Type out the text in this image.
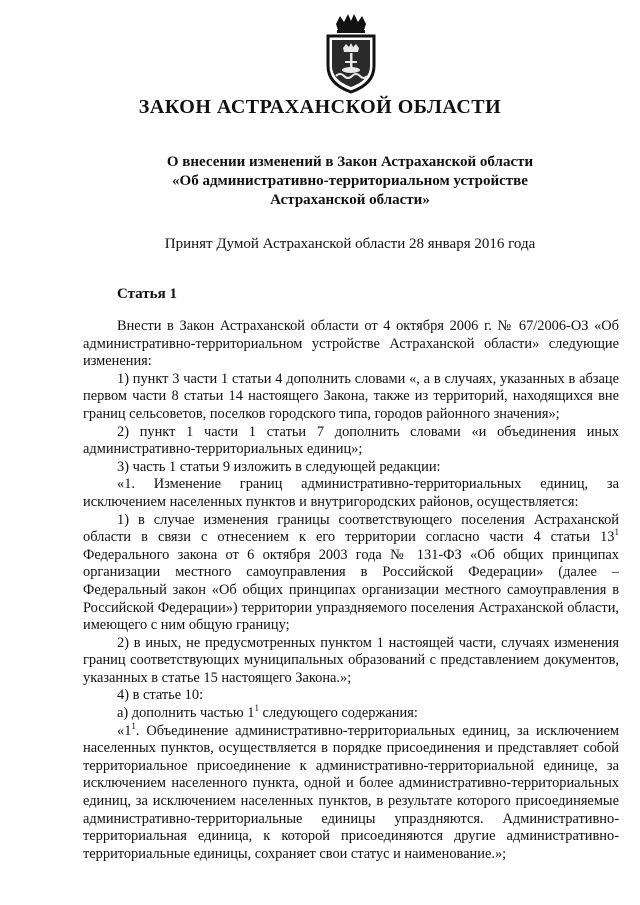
ЗАКОН АСТРАХАНСКОЙ ОБЛАСТИ
О внесении изменений в Закон Астраханской области
«Об административно-территориальном устройстве
Астраханской области»
Принят Думой Астраханской области 28 января 2016 года
Статья 1

Внести в Закон Астраханской области от 4 октября 2006 г. № 67/2006-ОЗ «Об административно-территориальном устройстве Астраханской области» следующие изменения:

1) пункт 3 части 1 статьи 4 дополнить словами «, а в случаях, указанных в абзаце первом части 8 статьи 14 настоящего Закона, также из территорий, находящихся вне границ сельсоветов, поселков городского типа, городов районного значения»;

2) пункт 1 части 1 статьи 7 дополнить словами «и объединения иных административно-территориальных единиц»;

3) часть 1 статьи 9 изложить в следующей редакции:

«1. Изменение границ административно-территориальных единиц, за исключением населенных пунктов и внутригородских районов, осуществляется:

1) в случае изменения границы соответствующего поселения Астраханской области в связи с отнесением к его территории согласно части 4 статьи $13^1$ Федерального закона от 6 октября 2003 года № 131-ФЗ «Об общих принципах организации местного самоуправления в Российской Федерации» (далее – Федеральный закон «Об общих принципах организации местного самоуправления в Российской Федерации») территории упраздняемого поселения Астраханской области, имеющего с ним общую границу;

2) в иных, не предусмотренных пунктом 1 настоящей части, случаях изменения границ соответствующих муниципальных образований с представлением документов, указанных в статье 15 настоящего Закона.»;

4) в статье 10:

а) дополнить частью $1^1$ следующего содержания:

«$1^1$. Объединение административно-территориальных единиц, за исключением населенных пунктов, осуществляется в порядке присоединения и представляет собой территориальное присоединение к административно-территориальной единице, за исключением населенного пункта, одной и более административно-территориальных единиц, за исключением населенных пунктов, в результате которого присоединяемые административно-территориальные единицы упраздняются. Административно-территориальная единица, к которой присоединяются другие административно-территориальные единицы, сохраняет свои статус и наименование.»;
